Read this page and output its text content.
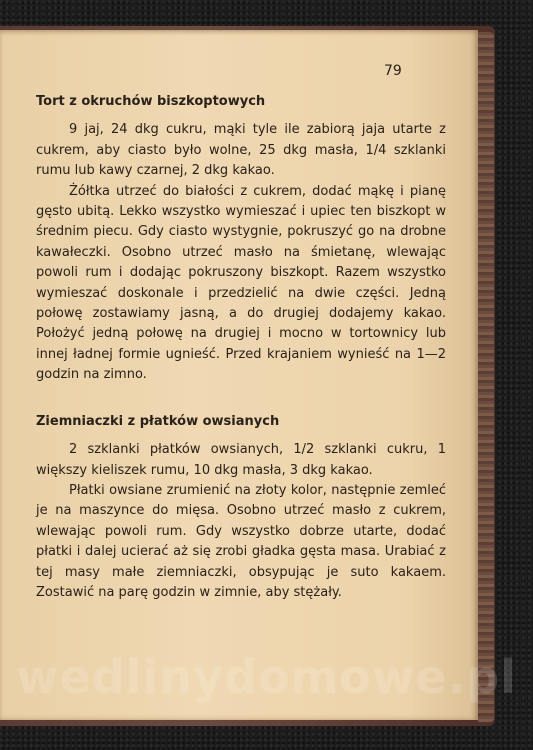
79
Tort z okruchów biszkoptowych

9 jaj, 24 dkg cukru, mąki tyle ile zabiorą jaja utarte z cukrem, aby ciasto było wolne, 25 dkg masła, 1/4 szklanki rumu lub kawy czarnej, 2 dkg kakao.

Żółtka utrzeć do białości z cukrem, dodać mąkę i pianę gęsto ubitą. Lekko wszystko wymieszać i upiec ten biszkopt w średnim piecu. Gdy ciasto wystygnie, pokruszyć go na drobne kawałeczki. Osobno utrzeć masło na śmietanę, wlewając powoli rum i dodając pokruszony biszkopt. Razem wszystko wymieszać doskonale i przedzielić na dwie części. Jedną połowę zostawiamy jasną, a do drugiej dodajemy kakao. Położyć jedną połowę na drugiej i mocno w tortownicy lub innej ładnej formie ugnieść. Przed krajaniem wynieść na 1—2 godzin na zimno.

Ziemniaczki z płatków owsianych

2 szklanki płatków owsianych, 1/2 szklanki cukru, 1 większy kieliszek rumu, 10 dkg masła, 3 dkg kakao.

Płatki owsiane zrumienić na złoty kolor, następnie zemleć je na maszynce do mięsa. Osobno utrzeć masło z cukrem, wlewając powoli rum. Gdy wszystko dobrze utarte, dodać płatki i dalej ucierać aż się zrobi gładka gęsta masa. Urabiać z tej masy małe ziemniaczki, obsypując je suto kakaem. Zostawić na parę godzin w zimnie, aby stężały.

wedlinydomowe.pl
